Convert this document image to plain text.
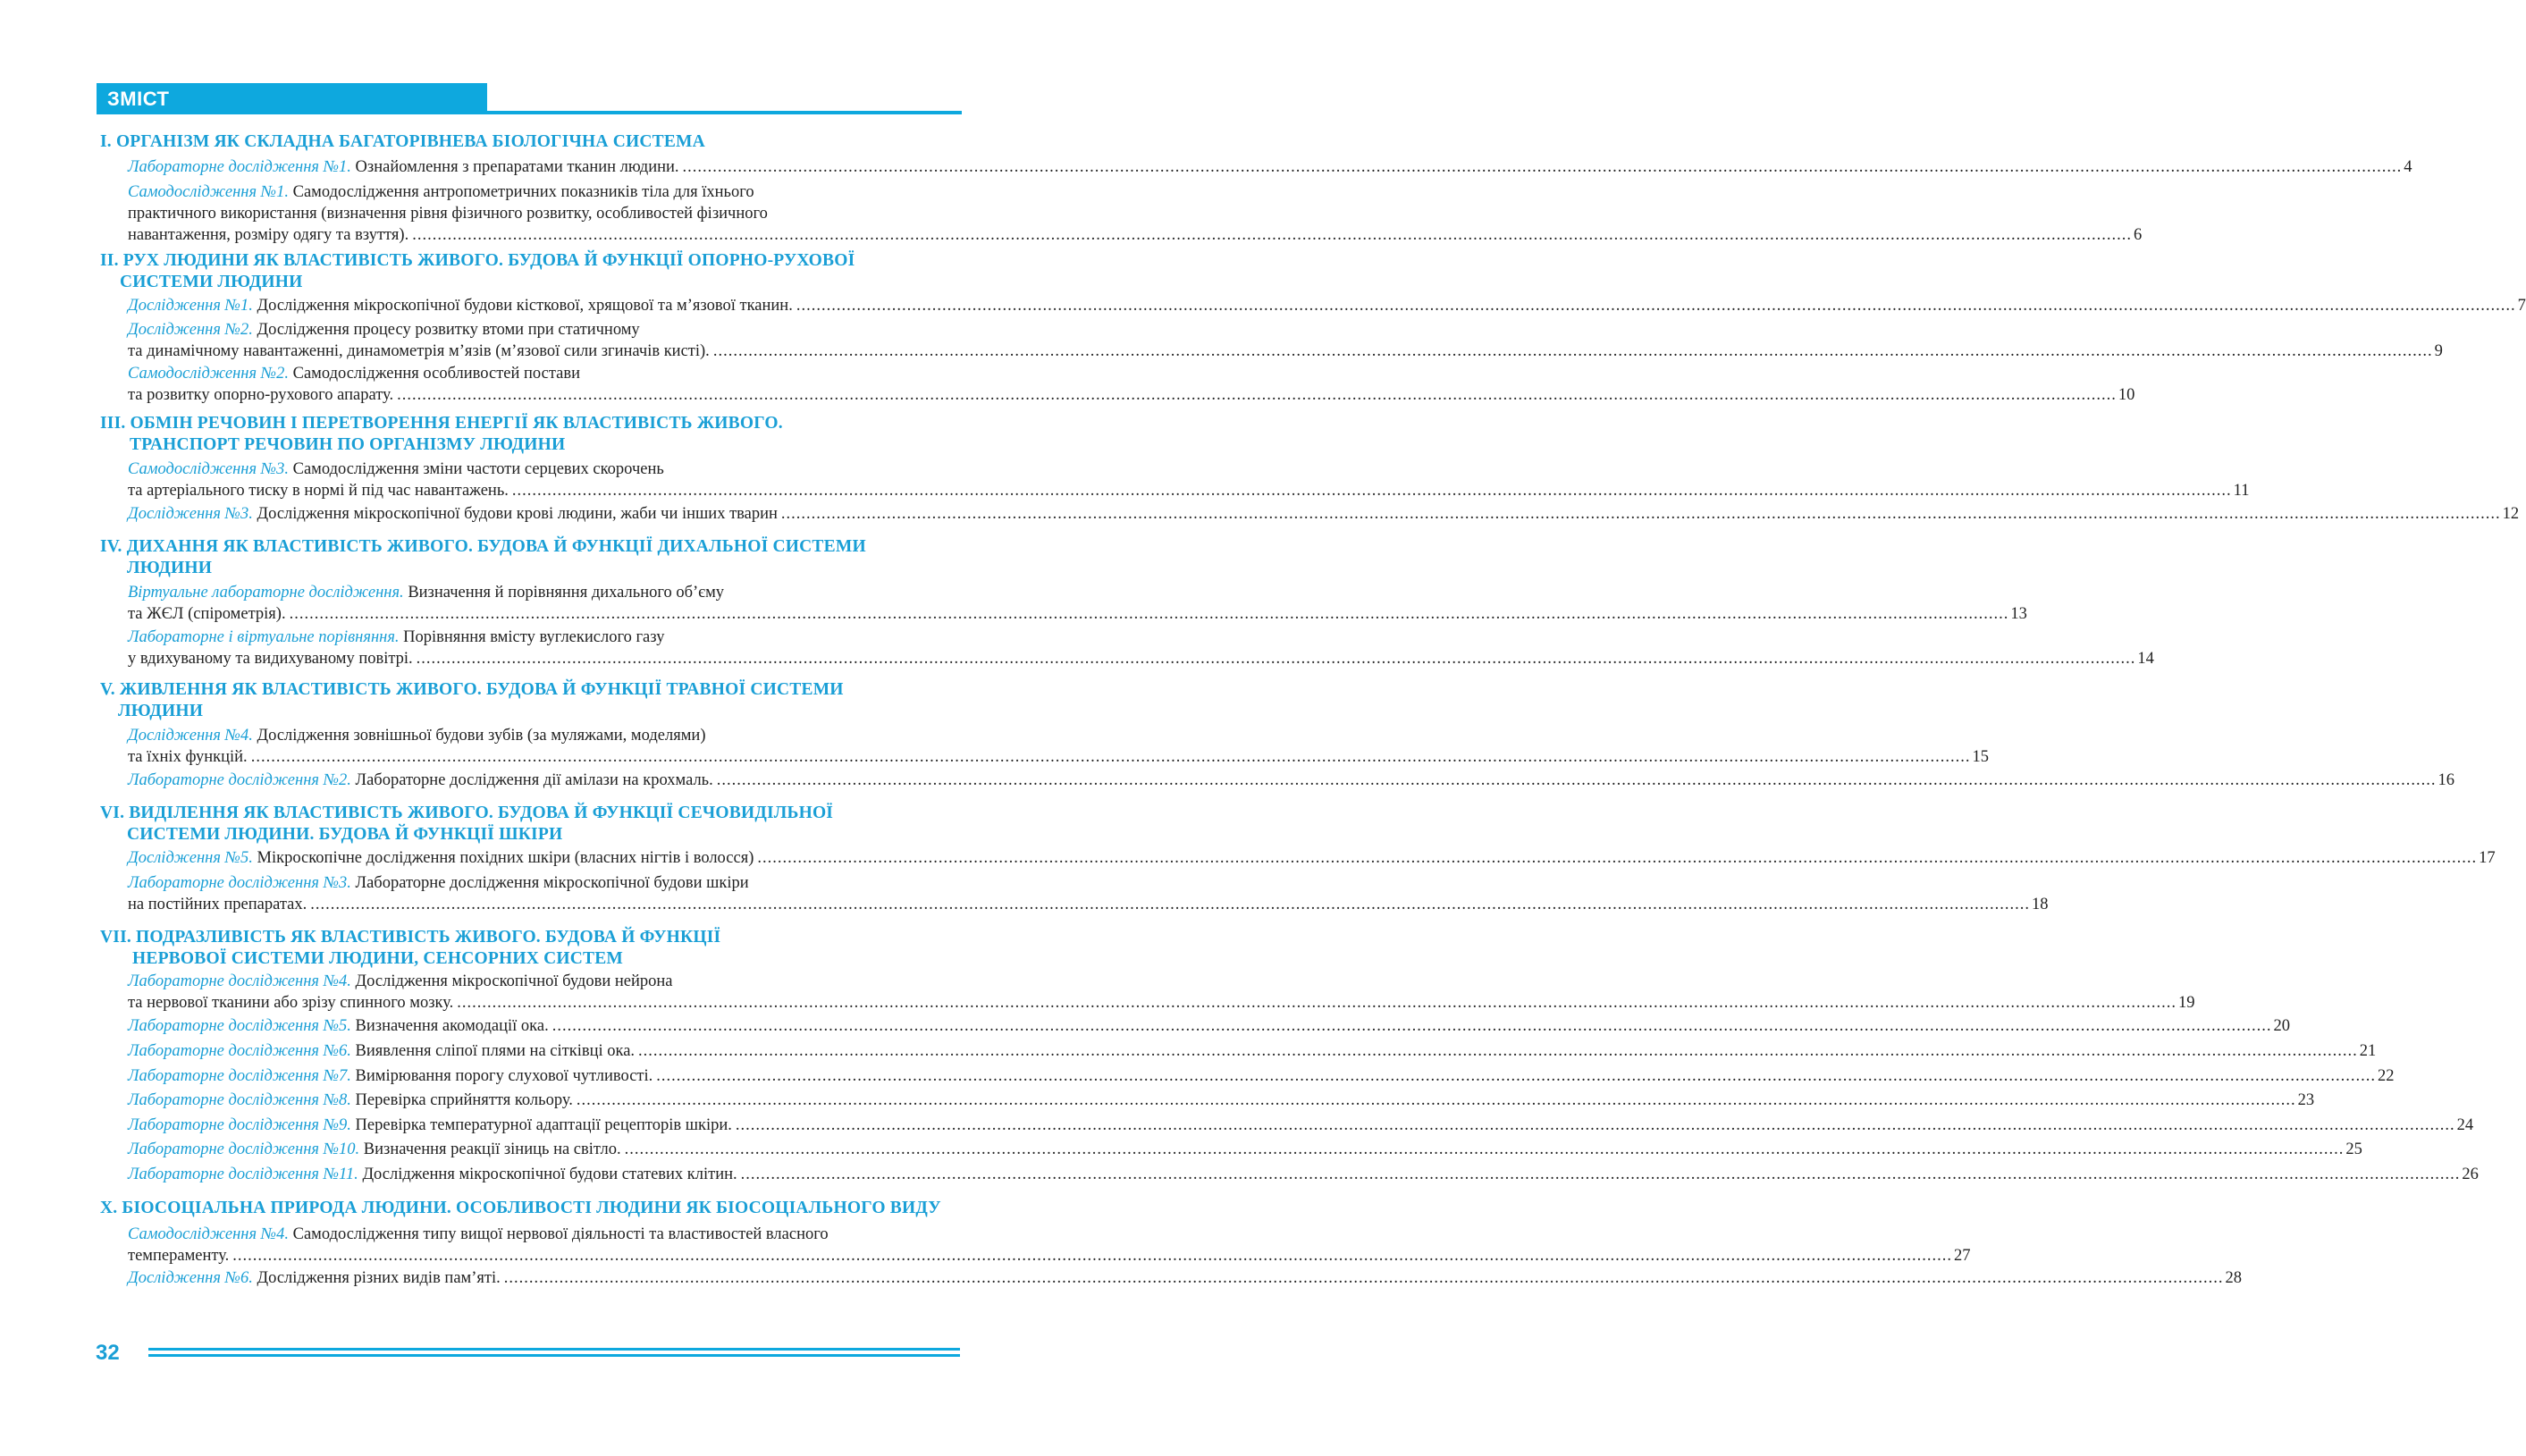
ЗМІСТ
I. ОРГАНІЗМ ЯК СКЛАДНА БАГАТОРІВНЕВА БІОЛОГІЧНА СИСТЕМА
Лабораторне дослідження №1. Ознайомлення з препаратами тканин людини. .....	4
Самодослідження №1. Самодослідження антропометричних показників тіла для їхнього
практичного використання (визначення рівня фізичного розвитку, особливостей фізичного
навантаження, розміру одягу та взуття). .....	6
II. РУХ ЛЮДИНИ ЯК ВЛАСТИВІСТЬ ЖИВОГО. БУДОВА Й ФУНКЦІЇ ОПОРНО-РУХОВОЇ
СИСТЕМИ ЛЮДИНИ
Дослідження №1. Дослідження мікроскопічної будови кісткової, хрящової та м’язової тканин. .....	7
Дослідження №2. Дослідження процесу розвитку втоми при статичному
та динамічному навантаженні, динамометрія м’язів (м’язової сили згиначів кисті). .....	9
Самодослідження №2. Самодослідження особливостей постави
та розвитку опорно-рухового апарату. .....	10
III. ОБМІН РЕЧОВИН І ПЕРЕТВОРЕННЯ ЕНЕРГІЇ ЯК ВЛАСТИВІСТЬ ЖИВОГО.
ТРАНСПОРТ РЕЧОВИН ПО ОРГАНІЗМУ ЛЮДИНИ
Самодослідження №3. Самодослідження зміни частоти серцевих скорочень
та артеріального тиску в нормі й під час навантажень. .....	11
Дослідження №3. Дослідження мікроскопічної будови крові людини, жаби чи інших тварин .....	12
IV. ДИХАННЯ ЯК ВЛАСТИВІСТЬ ЖИВОГО. БУДОВА Й ФУНКЦІЇ ДИХАЛЬНОЇ СИСТЕМИ
ЛЮДИНИ
Віртуальне лабораторне дослідження. Визначення й порівняння дихального об’єму
та ЖЄЛ (спірометрія). .....	13
Лабораторне і віртуальне порівняння. Порівняння вмісту вуглекислого газу
у вдихуваному та видихуваному повітрі. .....	14
V. ЖИВЛЕННЯ ЯК ВЛАСТИВІСТЬ ЖИВОГО. БУДОВА Й ФУНКЦІЇ ТРАВНОЇ СИСТЕМИ
ЛЮДИНИ
Дослідження №4. Дослідження зовнішньої будови зубів (за муляжами, моделями)
та їхніх функцій. .....	15
Лабораторне дослідження №2. Лабораторне дослідження дії амілази на крохмаль. .....	16
VI. ВИДІЛЕННЯ ЯК ВЛАСТИВІСТЬ ЖИВОГО. БУДОВА Й ФУНКЦІЇ СЕЧОВИДІЛЬНОЇ
СИСТЕМИ ЛЮДИНИ. БУДОВА Й ФУНКЦІЇ ШКІРИ
Дослідження №5. Мікроскопічне дослідження похідних шкіри (власних нігтів і волосся) .....	17
Лабораторне дослідження №3. Лабораторне дослідження мікроскопічної будови шкіри
на постійних препаратах. .....	18
VII. ПОДРАЗЛИВІСТЬ ЯК ВЛАСТИВІСТЬ ЖИВОГО. БУДОВА Й ФУНКЦІЇ
НЕРВОВОЇ СИСТЕМИ ЛЮДИНИ, СЕНСОРНИХ СИСТЕМ
Лабораторне дослідження №4. Дослідження мікроскопічної будови нейрона
та нервової тканини або зрізу спинного мозку. .....	19
Лабораторне дослідження №5. Визначення акомодації ока. .....	20
Лабораторне дослідження №6. Виявлення сліпої плями на сітківці ока. .....	21
Лабораторне дослідження №7. Вимірювання порогу слухової чутливості. .....	22
Лабораторне дослідження №8. Перевірка сприйняття кольору. .....	23
Лабораторне дослідження №9. Перевірка температурної адаптації рецепторів шкіри. .....	24
Лабораторне дослідження №10. Визначення реакції зіниць на світло. .....	25
Лабораторне дослідження №11. Дослідження мікроскопічної будови статевих клітин. .....	26
X. БІОСОЦІАЛЬНА ПРИРОДА ЛЮДИНИ. ОСОБЛИВОСТІ ЛЮДИНИ ЯК БІОСОЦІАЛЬНОГО ВИДУ
Самодослідження №4. Самодослідження типу вищої нервової діяльності та властивостей власного
темпераменту. .....	27
Дослідження №6. Дослідження різних видів пам’яті. .....	28
32
